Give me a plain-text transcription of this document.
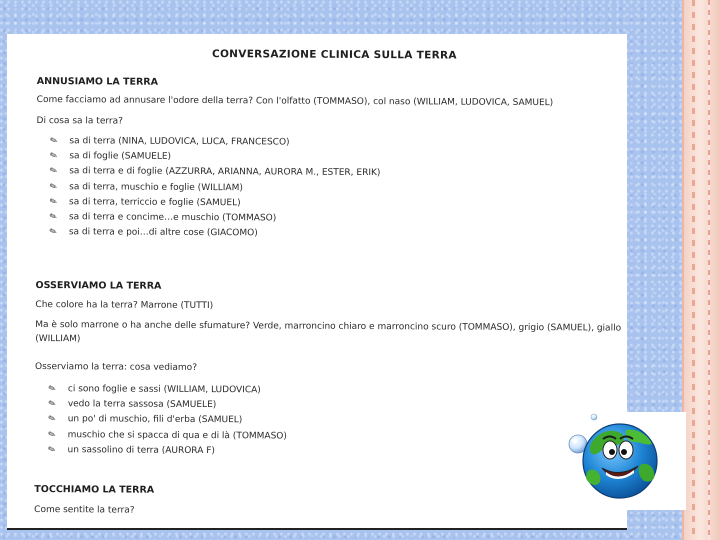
CONVERSAZIONE CLINICA SULLA TERRA
ANNUSIAMO LA TERRA
Come facciamo ad annusare l'odore della terra? Con l'olfatto (TOMMASO), col naso (WILLIAM, LUDOVICA, SAMUEL)
Di cosa sa la terra?
✎ sa di terra (NINA, LUDOVICA, LUCA, FRANCESCO)
✎ sa di foglie (SAMUELE)
✎ sa di terra e di foglie (AZZURRA, ARIANNA, AURORA M., ESTER, ERIK)
✎ sa di terra, muschio e foglie (WILLIAM)
✎ sa di terra, terriccio e foglie (SAMUEL)
✎ sa di terra e concime…e muschio (TOMMASO)
✎ sa di terra e poi…di altre cose (GIACOMO)
OSSERVIAMO LA TERRA
Che colore ha la terra? Marrone (TUTTI)
Ma è solo marrone o ha anche delle sfumature? Verde, marroncino chiaro e marroncino scuro (TOMMASO), grigio (SAMUEL), giallo (WILLIAM)
Osserviamo la terra: cosa vediamo?
✎ ci sono foglie e sassi (WILLIAM, LUDOVICA)
✎ vedo la terra sassosa (SAMUELE)
✎ un po' di muschio, fili d'erba (SAMUEL)
✎ muschio che si spacca di qua e di là (TOMMASO)
✎ un sassolino di terra (AURORA F)
TOCCHIAMO LA TERRA
Come sentite la terra?
